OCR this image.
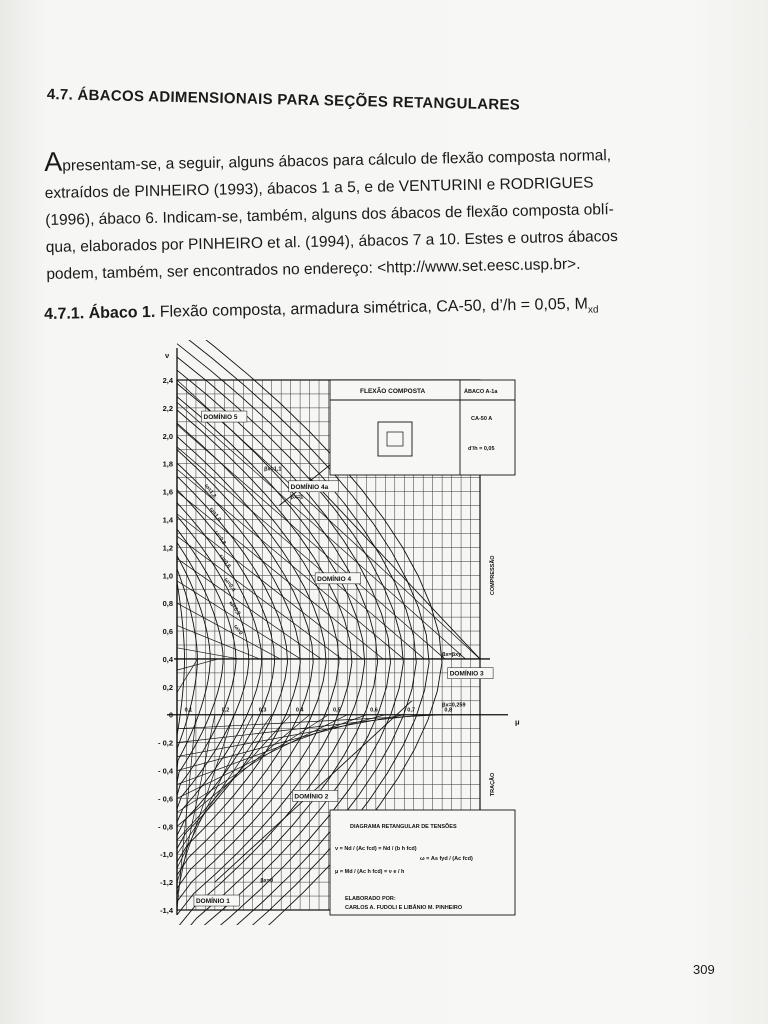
4.7. ÁBACOS ADIMENSIONAIS PARA SEÇÕES RETANGULARES
Apresentam-se, a seguir, alguns ábacos para cálculo de flexão composta normal,
extraídos de PINHEIRO (1993), ábacos 1 a 5, e de VENTURINI e RODRIGUES
(1996), ábaco 6. Indicam-se, também, alguns dos ábacos de flexão composta oblí-
qua, elaborados por PINHEIRO et al. (1994), ábacos 7 a 10. Estes e outros ábacos
podem, também, ser encontrados no endereço: <http://www.set.eesc.usp.br>.
4.7.1. Ábaco 1. Flexão composta, armadura simétrica, CA-50, d’/h = 0,05, $M_{xd}$
ν
μ
2,4
2,2
2,0
1,8
1,6
1,4
1,2
1,0
0,8
0,6
0,4
0,2
0
- 0,2
- 0,4
- 0,6
- 0,8
-1,0
-1,2
-1,4
0,1	0,2	0,3	0,4	0,5	0,6	0,7	0,8
ω=1,2
ω=1,0
ω=0,8
ω=0,6
ω=0,4
ω=0,2
ω=0
DOMÍNIO 5
DOMÍNIO 4a
DOMÍNIO 4
DOMÍNIO 3
DOMÍNIO 2
DOMÍNIO 1
βx=1,1
βx=1
βx=βxy
βx=0,259
βx=0
COMPRESSÃO
TRAÇÃO
FLEXÃO COMPOSTA	ÁBACO A-1a
CA-50 A
d'/h = 0,05
DIAGRAMA RETANGULAR DE TENSÕES
ν = Nd / (Ac fcd) = Nd / (b h fcd)
μ = Md / (Ac h fcd) = ν e / h
ω = As fyd / (Ac fcd)
ELABORADO POR:
CARLOS A. FUDOLI E LIBÂNIO M. PINHEIRO
309
